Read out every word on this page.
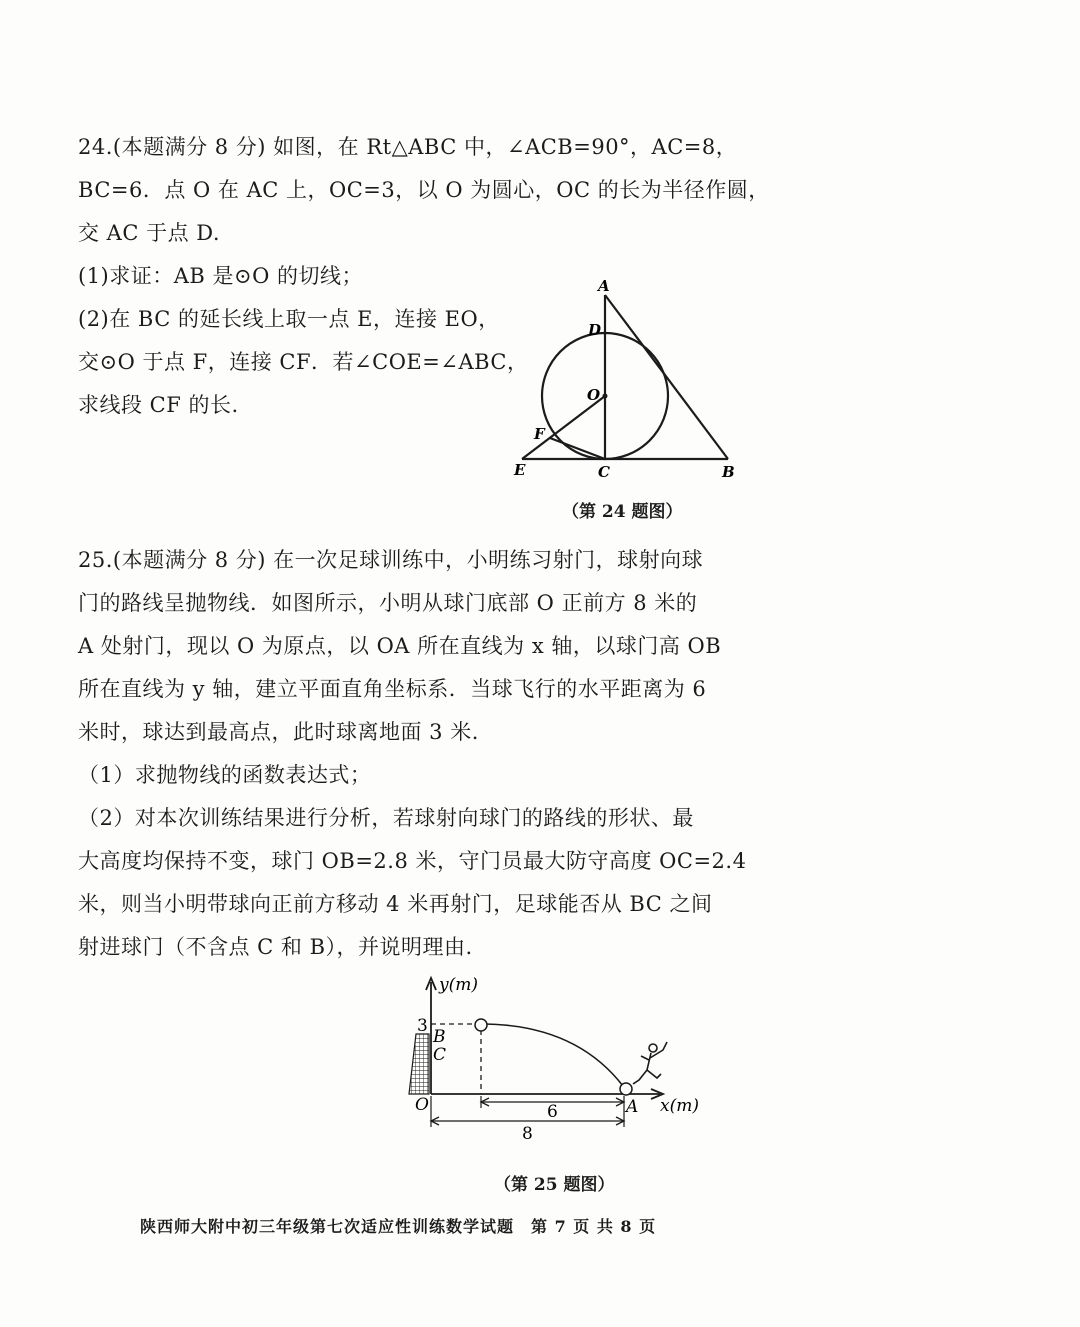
24.(本题满分 8 分) 如图，在 Rt△ABC 中，∠ACB=90°，AC=8，
BC=6．点 O 在 AC 上，OC=3，以 O 为圆心，OC 的长为半径作圆，
交 AC 于点 D.
(1)求证：AB 是⊙O 的切线；
(2)在 BC 的延长线上取一点 E，连接 EO，
交⊙O 于点 F，连接 CF．若∠COE=∠ABC，
求线段 CF 的长.
A
D
O
F
E	C	B
（第 24 题图）
25.(本题满分 8 分) 在一次足球训练中，小明练习射门，球射向球
门的路线呈抛物线．如图所示，小明从球门底部 O 正前方 8 米的
A 处射门，现以 O 为原点，以 OA 所在直线为 x 轴，以球门高 OB
所在直线为 y 轴，建立平面直角坐标系．当球飞行的水平距离为 6
米时，球达到最高点，此时球离地面 3 米.
（1）求抛物线的函数表达式；
（2）对本次训练结果进行分析，若球射向球门的路线的形状、最
大高度均保持不变，球门 OB=2.8 米，守门员最大防守高度 OC=2.4
米，则当小明带球向正前方移动 4 米再射门，足球能否从 BC 之间
射进球门（不含点 C 和 B），并说明理由.
y(m)
x(m)
3
B
C
O	A
6
8
（第 25 题图）
陕西师大附中初三年级第七次适应性训练数学试题　第 7 页 共 8 页
